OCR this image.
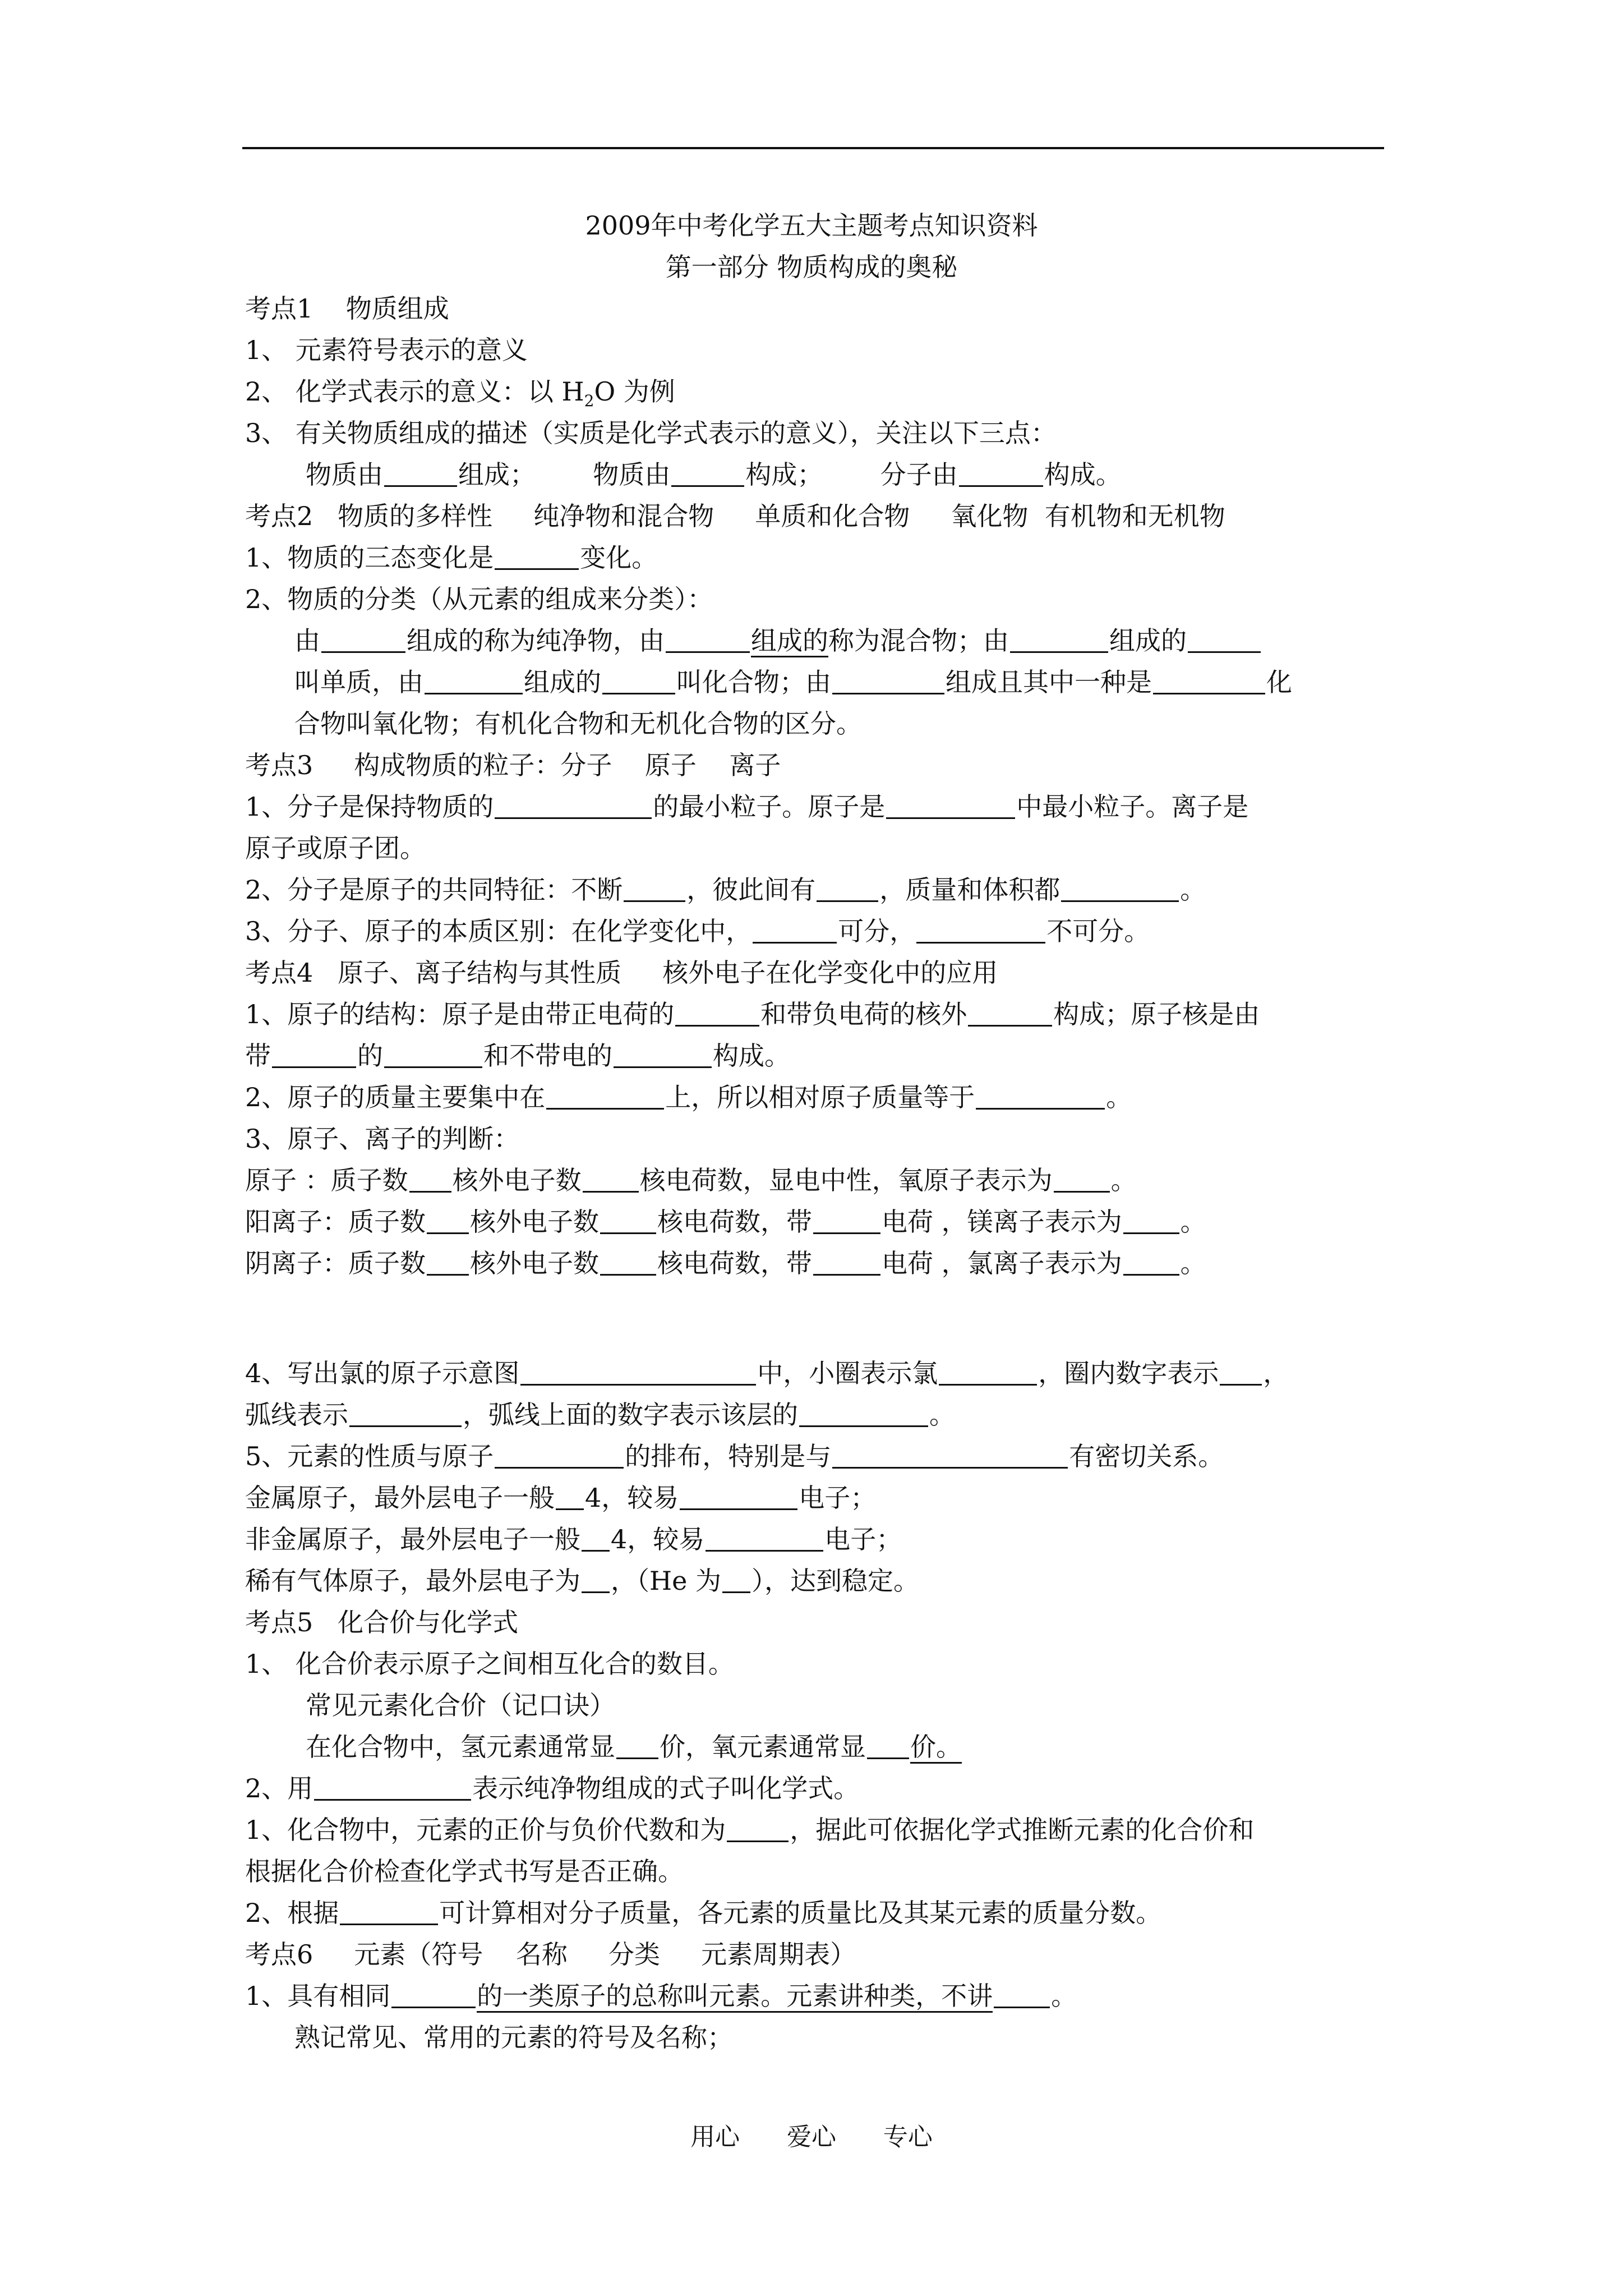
2009年中考化学五大主题考点知识资料
第一部分 物质构成的奥秘
考点1    物质组成
1、 元素符号表示的意义
2、 化学式表示的意义：以 $H_2O$ 为例
3、 有关物质组成的描述（实质是化学式表示的意义），关注以下三点：
物质由	组成；       物质由	构成；       分子由	构成。
考点2   物质的多样性     纯净物和混合物     单质和化合物     氧化物  有机物和无机物
1、物质的三态变化是	变化。
2、物质的分类（从元素的组成来分类）：
由	组成的称为纯净物，由	组成的称为混合物；由	组成的
叫单质，由	组成的	叫化合物；由	组成且其中一种是	化
合物叫氧化物；有机化合物和无机化合物的区分。
考点3     构成物质的粒子：分子    原子    离子
1、分子是保持物质的	的最小粒子。原子是	中最小粒子。离子是
原子或原子团。
2、分子是原子的共同特征：不断 ，彼此间有 ，质量和体积都	。
3、分子、原子的本质区别：在化学变化中，	可分，	不可分。
考点4   原子、离子结构与其性质     核外电子在化学变化中的应用
1、原子的结构：原子是由带正电荷的	和带负电荷的核外	构成；原子核是由
带	的	和不带电的	构成。
2、原子的质量主要集中在	上，所以相对原子质量等于	。
3、原子、离子的判断：
原子 ：质子数 核外电子数 核电荷数，显电中性，氧原子表示为 。
阳离子：质子数 核外电子数 核电荷数，带	电荷 ，镁离子表示为 。
阴离子：质子数 核外电子数 核电荷数，带	电荷 ，氯离子表示为 。
4、写出氯的原子示意图	中，小圈表示氯	，圈内数字表示 ，
弧线表示	，弧线上面的数字表示该层的	。
5、元素的性质与原子	的排布，特别是与	有密切关系。
金属原子，最外层电子一般 4，较易	电子；
非金属原子，最外层电子一般 4，较易	电子；
稀有气体原子，最外层电子为 ，（He 为 ），达到稳定。
考点5   化合价与化学式
1、 化合价表示原子之间相互化合的数目。
常见元素化合价（记口诀）
在化合物中，氢元素通常显 价，氧元素通常显 价。
2、用	表示纯净物组成的式子叫化学式。
1、化合物中，元素的正价与负价代数和为 ，据此可依据化学式推断元素的化合价和
根据化合价检查化学式书写是否正确。
2、根据	可计算相对分子质量，各元素的质量比及其某元素的质量分数。
考点6     元素（符号    名称     分类     元素周期表）
1、具有相同	的一类原子的总称叫元素。元素讲种类，不讲 。
熟记常见、常用的元素的符号及名称；
用心      爱心      专心
